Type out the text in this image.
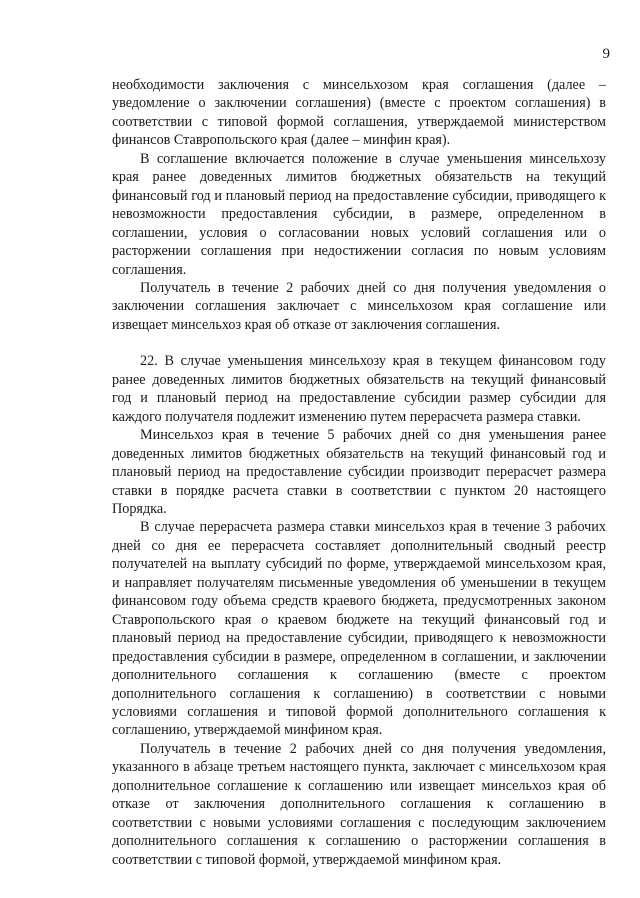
9

необходимости заключения с минсельхозом края соглашения (далее – уведомление о заключении соглашения) (вместе с проектом соглашения) в соответствии с типовой формой соглашения, утверждаемой министерством финансов Ставропольского края (далее – минфин края).

В соглашение включается положение в случае уменьшения минсельхозу края ранее доведенных лимитов бюджетных обязательств на текущий финансовый год и плановый период на предоставление субсидии, приводящего к невозможности предоставления субсидии, в размере, определенном в соглашении, условия о согласовании новых условий соглашения или о расторжении соглашения при недостижении согласия по новым условиям соглашения.

Получатель в течение 2 рабочих дней со дня получения уведомления о заключении соглашения заключает с минсельхозом края соглашение или извещает минсельхоз края об отказе от заключения соглашения.

22. В случае уменьшения минсельхозу края в текущем финансовом году ранее доведенных лимитов бюджетных обязательств на текущий финансовый год и плановый период на предоставление субсидии размер субсидии для каждого получателя подлежит изменению путем перерасчета размера ставки.

Минсельхоз края в течение 5 рабочих дней со дня уменьшения ранее доведенных лимитов бюджетных обязательств на текущий финансовый год и плановый период на предоставление субсидии производит перерасчет размера ставки в порядке расчета ставки в соответствии с пунктом 20 настоящего Порядка.

В случае перерасчета размера ставки минсельхоз края в течение 3 рабочих дней со дня ее перерасчета составляет дополнительный сводный реестр получателей на выплату субсидий по форме, утверждаемой минсельхозом края, и направляет получателям письменные уведомления об уменьшении в текущем финансовом году объема средств краевого бюджета, предусмотренных законом Ставропольского края о краевом бюджете на текущий финансовый год и плановый период на предоставление субсидии, приводящего к невозможности предоставления субсидии в размере, определенном в соглашении, и заключении дополнительного соглашения к соглашению (вместе с проектом дополнительного соглашения к соглашению) в соответствии с новыми условиями соглашения и типовой формой дополнительного соглашения к соглашению, утверждаемой минфином края.

Получатель в течение 2 рабочих дней со дня получения уведомления, указанного в абзаце третьем настоящего пункта, заключает с минсельхозом края дополнительное соглашение к соглашению или извещает минсельхоз края об отказе от заключения дополнительного соглашения к соглашению в соответствии с новыми условиями соглашения с последующим заключением дополнительного соглашения к соглашению о расторжении соглашения в соответствии с типовой формой, утверждаемой минфином края.
